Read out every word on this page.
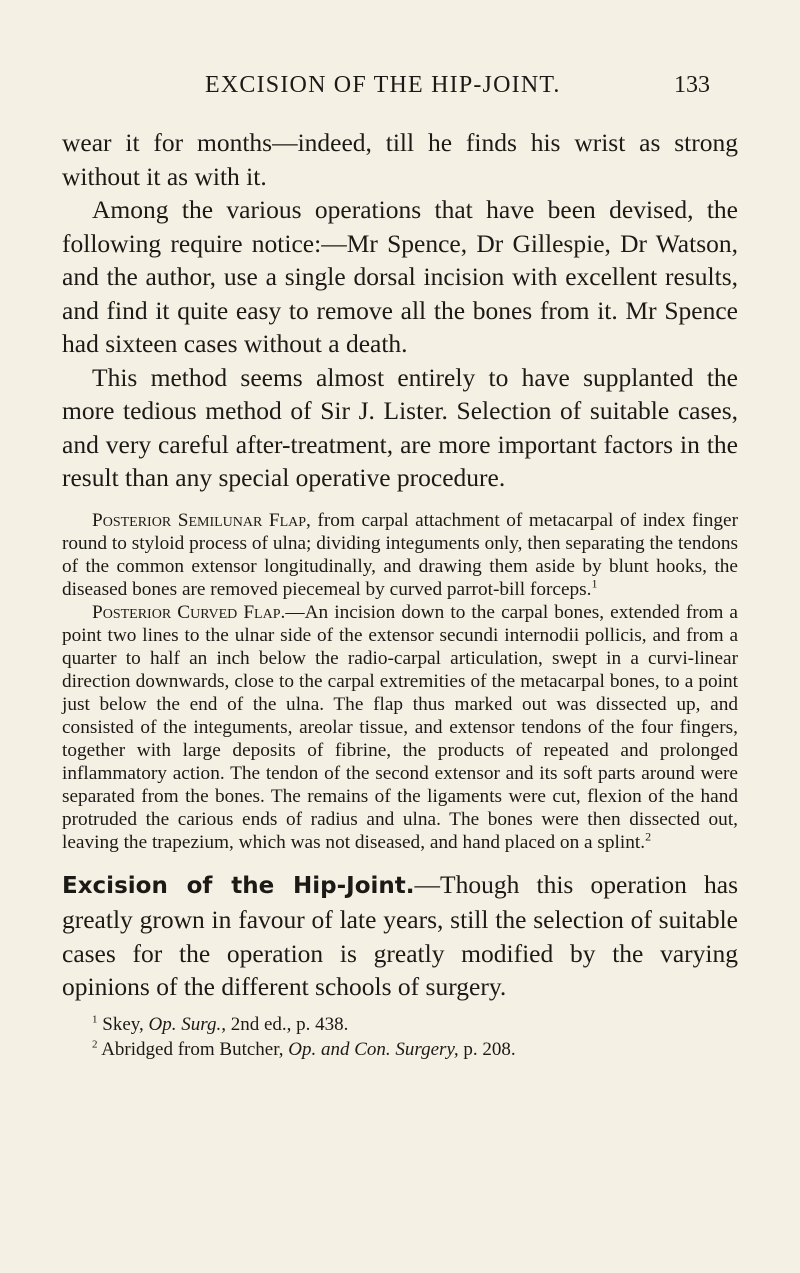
EXCISION OF THE HIP-JOINT.	133

wear it for months—indeed, till he finds his wrist as strong without it as with it.

Among the various operations that have been devised, the following require notice:—Mr Spence, Dr Gillespie, Dr Watson, and the author, use a single dorsal incision with excellent results, and find it quite easy to remove all the bones from it. Mr Spence had sixteen cases without a death.

This method seems almost entirely to have supplanted the more tedious method of Sir J. Lister. Selection of suitable cases, and very careful after-treatment, are more important factors in the result than any special operative procedure.

Posterior Semilunar Flap, from carpal attachment of metacarpal of index finger round to styloid process of ulna; dividing integuments only, then separating the tendons of the common extensor longitudinally, and drawing them aside by blunt hooks, the diseased bones are removed piecemeal by curved parrot-bill forceps.$^1$

Posterior Curved Flap.—An incision down to the carpal bones, extended from a point two lines to the ulnar side of the extensor secundi internodii pollicis, and from a quarter to half an inch below the radio-carpal articulation, swept in a curvi-linear direction downwards, close to the carpal extremities of the metacarpal bones, to a point just below the end of the ulna. The flap thus marked out was dissected up, and consisted of the integuments, areolar tissue, and extensor tendons of the four fingers, together with large deposits of fibrine, the products of repeated and prolonged inflammatory action. The tendon of the second extensor and its soft parts around were separated from the bones. The remains of the ligaments were cut, flexion of the hand protruded the carious ends of radius and ulna. The bones were then dissected out, leaving the trapezium, which was not diseased, and hand placed on a splint.$^2$

Excision of the Hip-Joint.—Though this operation has greatly grown in favour of late years, still the selection of suitable cases for the operation is greatly modified by the varying opinions of the different schools of surgery.

$^1$ Skey, Op. Surg., 2nd ed., p. 438.

$^2$ Abridged from Butcher, Op. and Con. Surgery, p. 208.
